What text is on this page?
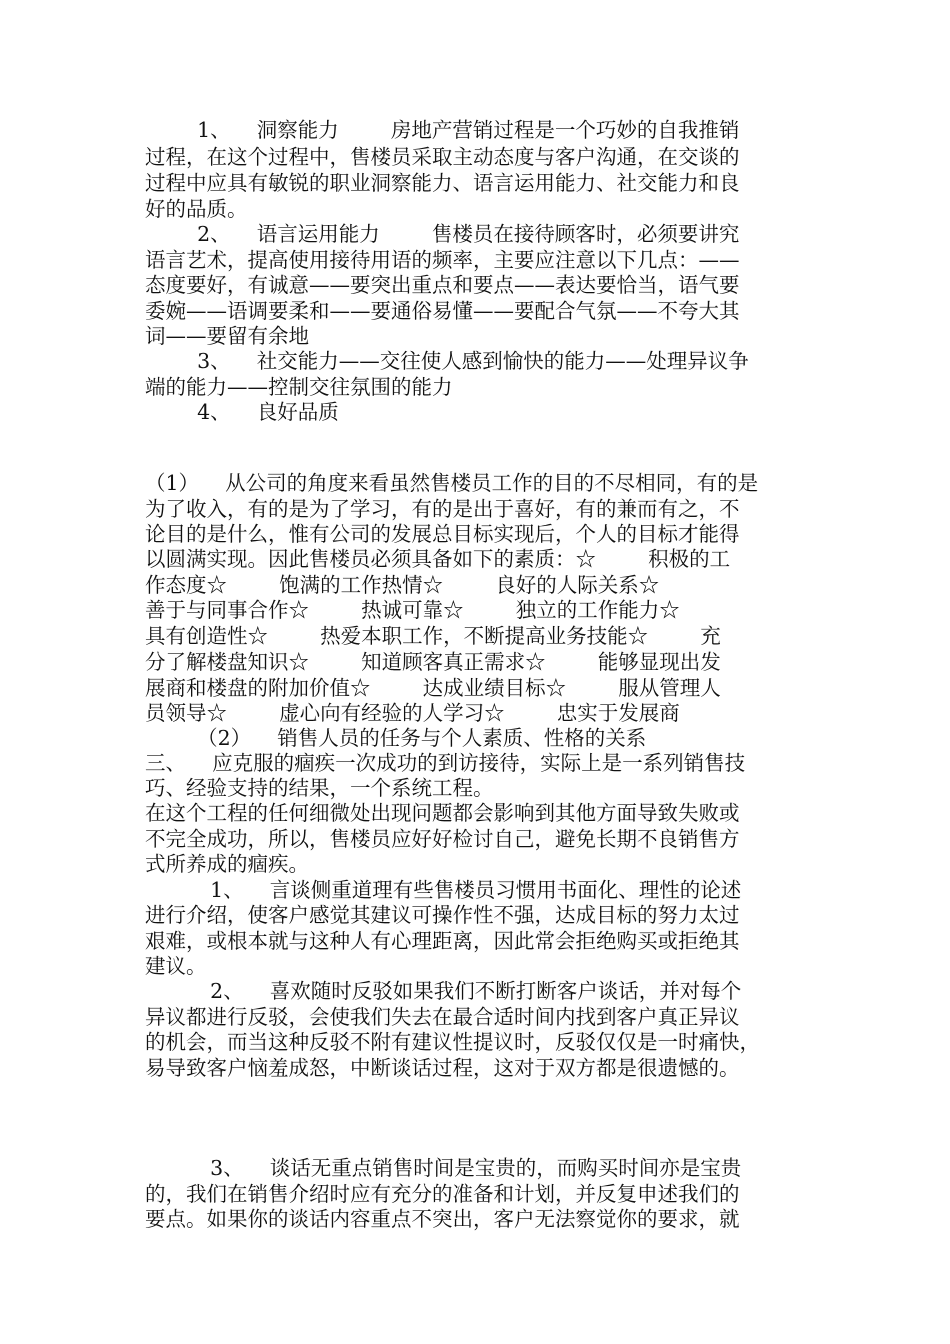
1、    洞察能力        房地产营销过程是一个巧妙的自我推销

过程，在这个过程中，售楼员采取主动态度与客户沟通，在交谈的

过程中应具有敏锐的职业洞察能力、语言运用能力、社交能力和良

好的品质。

2、    语言运用能力        售楼员在接待顾客时，必须要讲究

语言艺术，提高使用接待用语的频率，主要应注意以下几点：——

态度要好，有诚意——要突出重点和要点——表达要恰当，语气要

委婉——语调要柔和——要通俗易懂——要配合气氛——不夸大其

词——要留有余地

3、    社交能力——交往使人感到愉快的能力——处理异议争

端的能力——控制交往氛围的能力

4、    良好品质

（1）    从公司的角度来看虽然售楼员工作的目的不尽相同，有的是

为了收入，有的是为了学习，有的是出于喜好，有的兼而有之，不

论目的是什么，惟有公司的发展总目标实现后，个人的目标才能得

以圆满实现。因此售楼员必须具备如下的素质：☆        积极的工

作态度☆        饱满的工作热情☆        良好的人际关系☆

善于与同事合作☆        热诚可靠☆        独立的工作能力☆

具有创造性☆        热爱本职工作，不断提高业务技能☆        充

分了解楼盘知识☆        知道顾客真正需求☆        能够显现出发

展商和楼盘的附加价值☆        达成业绩目标☆        服从管理人

员领导☆        虚心向有经验的人学习☆        忠实于发展商

（2）    销售人员的任务与个人素质、性格的关系

三、    应克服的痼疾一次成功的到访接待，实际上是一系列销售技

巧、经验支持的结果，一个系统工程。

在这个工程的任何细微处出现问题都会影响到其他方面导致失败或

不完全成功，所以，售楼员应好好检讨自己，避免长期不良销售方

式所养成的痼疾。

1、    言谈侧重道理有些售楼员习惯用书面化、理性的论述

进行介绍，使客户感觉其建议可操作性不强，达成目标的努力太过

艰难，或根本就与这种人有心理距离，因此常会拒绝购买或拒绝其

建议。

2、    喜欢随时反驳如果我们不断打断客户谈话，并对每个

异议都进行反驳，会使我们失去在最合适时间内找到客户真正异议

的机会，而当这种反驳不附有建议性提议时，反驳仅仅是一时痛快，

易导致客户恼羞成怒，中断谈话过程，这对于双方都是很遗憾的。

3、    谈话无重点销售时间是宝贵的，而购买时间亦是宝贵

的，我们在销售介绍时应有充分的准备和计划，并反复申述我们的

要点。如果你的谈话内容重点不突出，客户无法察觉你的要求，就
